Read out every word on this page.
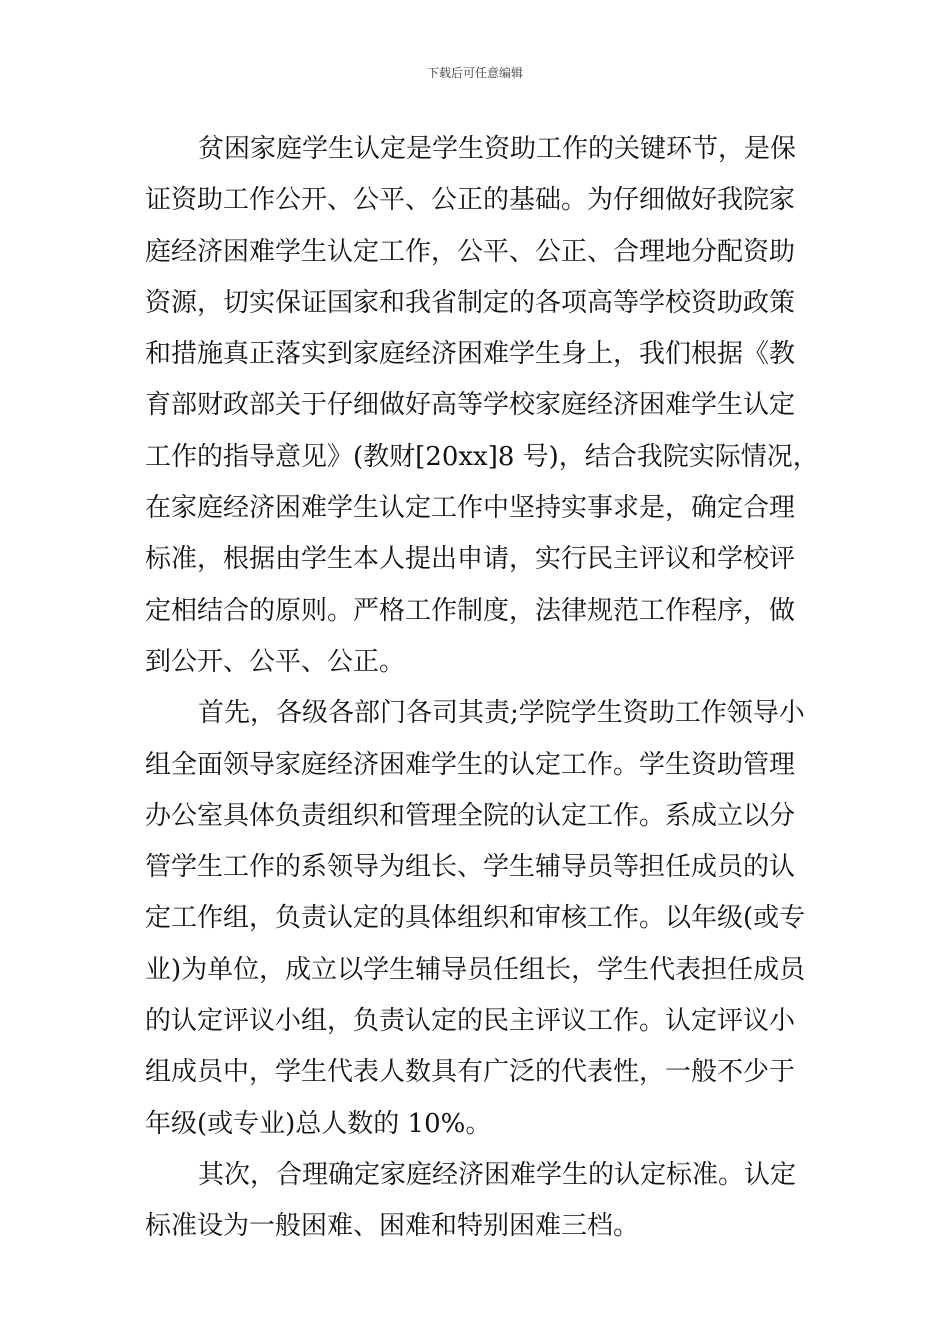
下载后可任意编辑
贫困家庭学生认定是学生资助工作的关键环节，是保
证资助工作公开、公平、公正的基础。为仔细做好我院家
庭经济困难学生认定工作，公平、公正、合理地分配资助
资源，切实保证国家和我省制定的各项高等学校资助政策
和措施真正落实到家庭经济困难学生身上，我们根据《教
育部财政部关于仔细做好高等学校家庭经济困难学生认定
工作的指导意见》(教财[20xx]8 号)，结合我院实际情况，
在家庭经济困难学生认定工作中坚持实事求是，确定合理
标准，根据由学生本人提出申请，实行民主评议和学校评
定相结合的原则。严格工作制度，法律规范工作程序，做
到公开、公平、公正。
首先，各级各部门各司其责;学院学生资助工作领导小
组全面领导家庭经济困难学生的认定工作。学生资助管理
办公室具体负责组织和管理全院的认定工作。系成立以分
管学生工作的系领导为组长、学生辅导员等担任成员的认
定工作组，负责认定的具体组织和审核工作。以年级(或专
业)为单位，成立以学生辅导员任组长，学生代表担任成员
的认定评议小组，负责认定的民主评议工作。认定评议小
组成员中，学生代表人数具有广泛的代表性，一般不少于
年级(或专业)总人数的 10%。
其次，合理确定家庭经济困难学生的认定标准。认定
标准设为一般困难、困难和特别困难三档。
